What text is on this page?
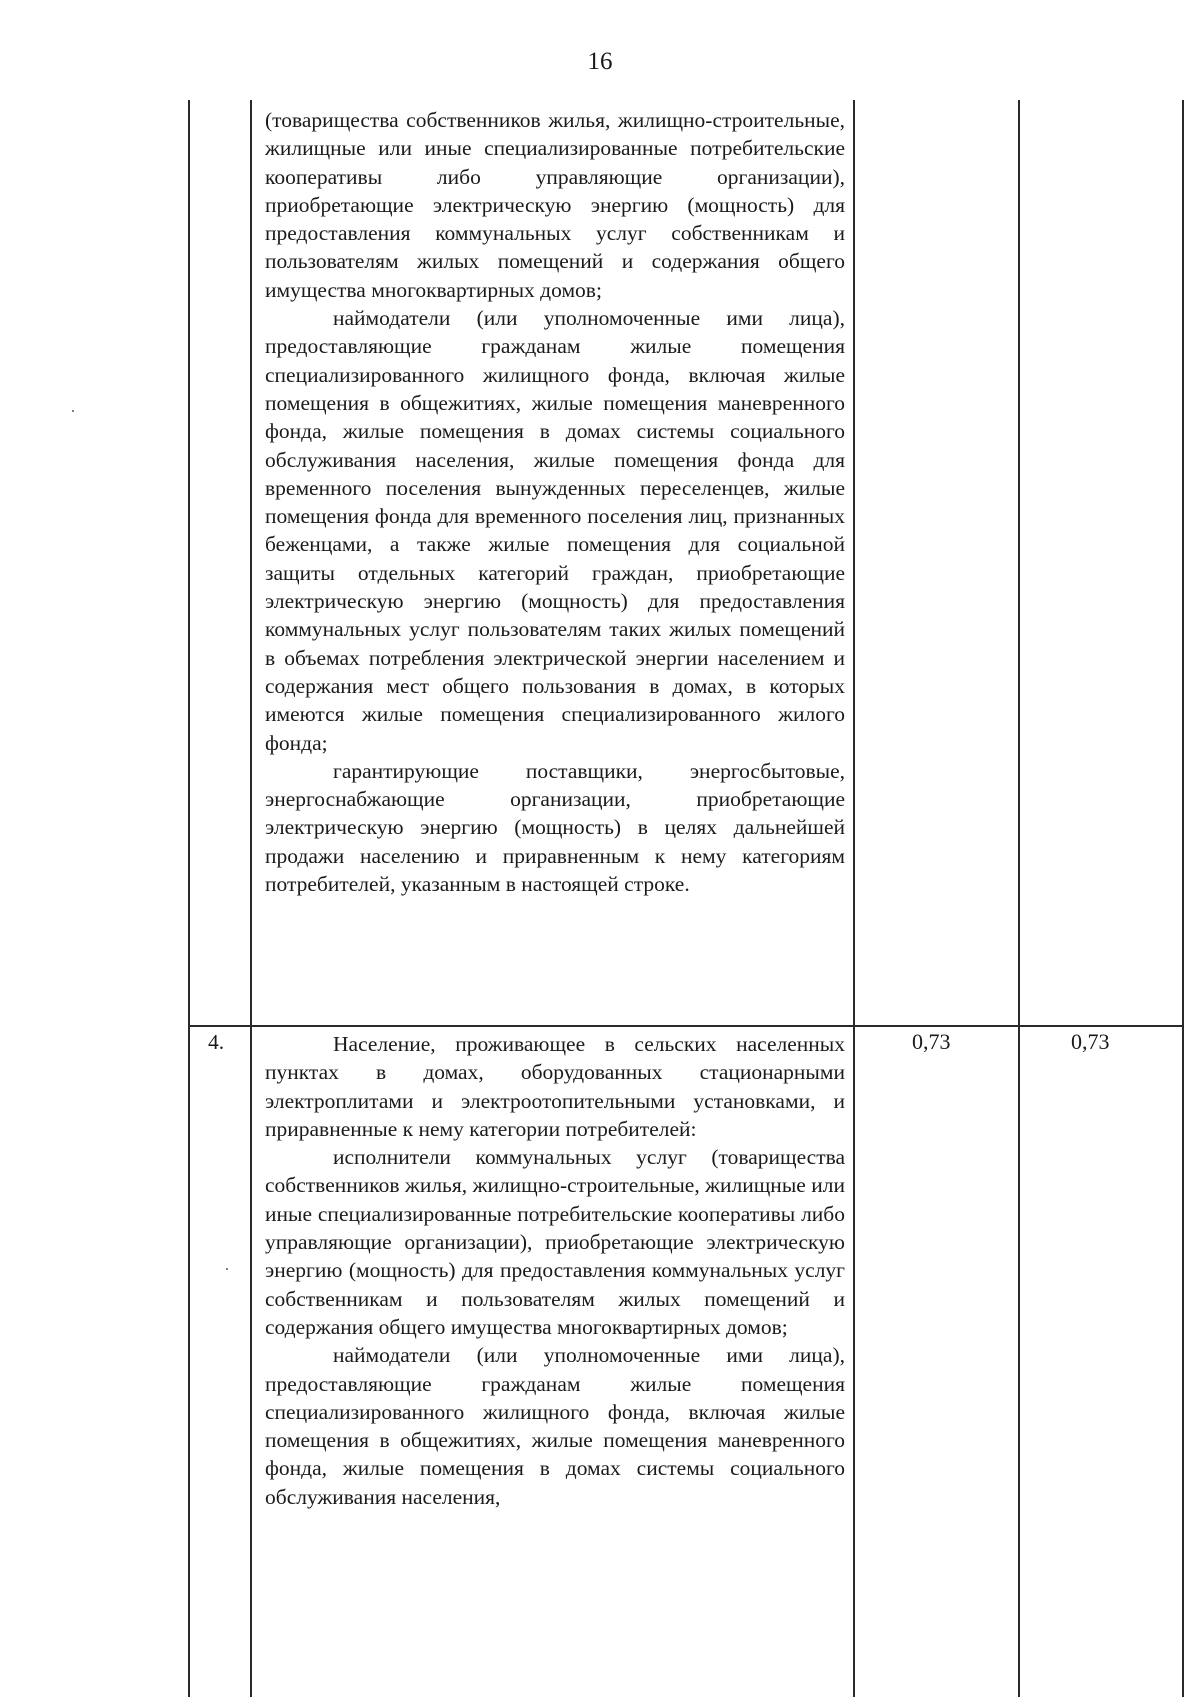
16

(товарищества собственников жилья, жилищно-строительные, жилищные или иные специализированные потребительские кооперативы либо управляющие организации), приобретающие электрическую энергию (мощность) для предоставления коммунальных услуг собственникам и пользователям жилых помещений и содержания общего имущества многоквартирных домов;

наймодатели (или уполномоченные ими лица), предоставляющие гражданам жилые помещения специализированного жилищного фонда, включая жилые помещения в общежитиях, жилые помещения маневренного фонда, жилые помещения в домах системы социального обслуживания населения, жилые помещения фонда для временного поселения вынужденных переселенцев, жилые помещения фонда для временного поселения лиц, признанных беженцами, а также жилые помещения для социальной защиты отдельных категорий граждан, приобретающие электрическую энергию (мощность) для предоставления коммунальных услуг пользователям таких жилых помещений в объемах потребления электрической энергии населением и содержания мест общего пользования в домах, в которых имеются жилые помещения специализированного жилого фонда;

гарантирующие поставщики, энергосбытовые, энергоснабжающие организации, приобретающие электрическую энергию (мощность) в целях дальнейшей продажи населению и приравненным к нему категориям потребителей, указанным в настоящей строке.

4.	0,73	0,73

Население, проживающее в сельских населенных пунктах в домах, оборудованных стационарными электроплитами и электроотопительными установками, и приравненные к нему категории потребителей:

исполнители коммунальных услуг (товарищества собственников жилья, жилищно-строительные, жилищные или иные специализированные потребительские кооперативы либо управляющие организации), приобретающие электрическую энергию (мощность) для предоставления коммунальных услуг собственникам и пользователям жилых помещений и содержания общего имущества многоквартирных домов;

наймодатели (или уполномоченные ими лица), предоставляющие гражданам жилые помещения специализированного жилищного фонда, включая жилые помещения в общежитиях, жилые помещения маневренного фонда, жилые помещения в домах системы социального обслуживания населения,
